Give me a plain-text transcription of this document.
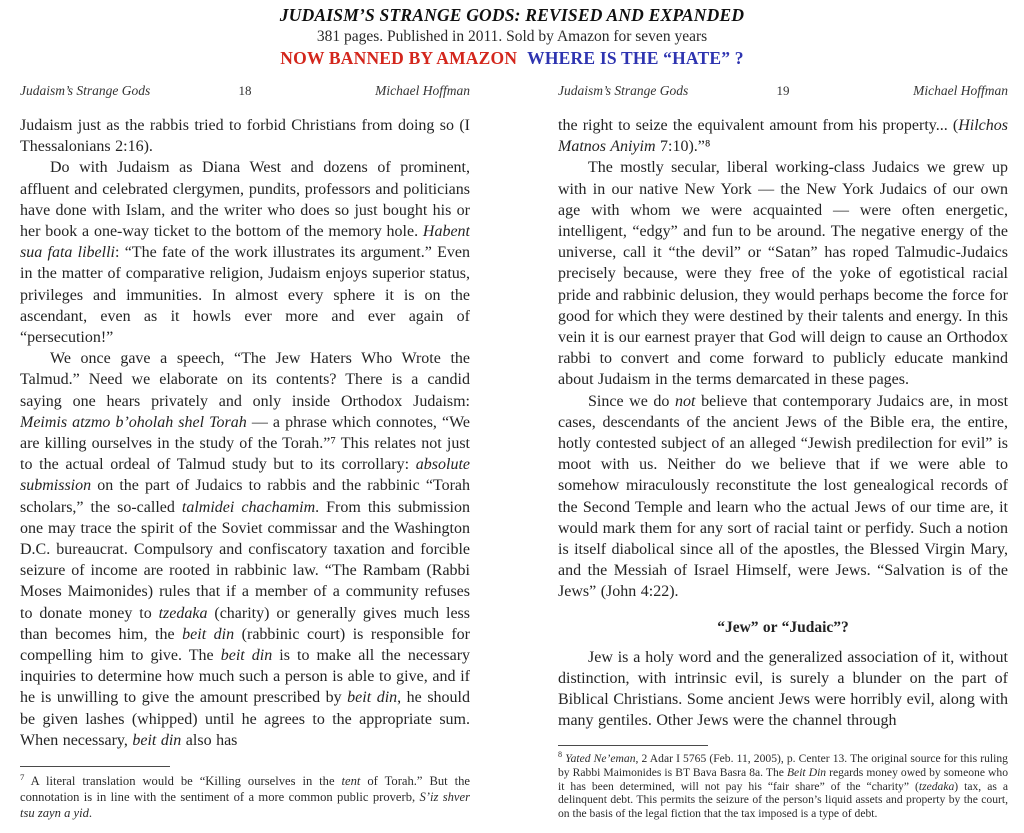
JUDAISM’S STRANGE GODS: REVISED AND EXPANDED
381 pages. Published in 2011. Sold by Amazon for seven years
NOW BANNED BY AMAZON WHERE IS THE “HATE” ?
Judaism’s Strange Gods	18	Michael Hoffman

Judaism just as the rabbis tried to forbid Christians from doing so (I Thessalonians 2:16).

Do with Judaism as Diana West and dozens of prominent, affluent and celebrated clergymen, pundits, professors and politicians have done with Islam, and the writer who does so just bought his or her book a one-way ticket to the bottom of the memory hole. Habent sua fata libelli: “The fate of the work illustrates its argument.” Even in the matter of comparative religion, Judaism enjoys superior status, privileges and immunities. In almost every sphere it is on the ascendant, even as it howls ever more and ever again of “persecution!”

We once gave a speech, “The Jew Haters Who Wrote the Talmud.” Need we elaborate on its contents? There is a candid saying one hears privately and only inside Orthodox Judaism: Meimis atzmo b’oholah shel Torah — a phrase which connotes, “We are killing ourselves in the study of the Torah.”⁷ This relates not just to the actual ordeal of Talmud study but to its corrollary: absolute submission on the part of Judaics to rabbis and the rabbinic “Torah scholars,” the so-called talmidei chachamim. From this submission one may trace the spirit of the Soviet commissar and the Washington D.C. bureaucrat. Compulsory and confiscatory taxation and forcible seizure of income are rooted in rabbinic law. “The Rambam (Rabbi Moses Maimonides) rules that if a member of a community refuses to donate money to tzedaka (charity) or generally gives much less than becomes him, the beit din (rabbinic court) is responsible for compelling him to give. The beit din is to make all the necessary inquiries to determine how much such a person is able to give, and if he is unwilling to give the amount prescribed by beit din, he should be given lashes (whipped) until he agrees to the appropriate sum. When necessary, beit din also has

$^7$ A literal translation would be “Killing ourselves in the tent of Torah.” But the connotation is in line with the sentiment of a more common public proverb, S’iz shver tsu zayn a yid.

Judaism’s Strange Gods	19	Michael Hoffman

the right to seize the equivalent amount from his property... (Hilchos Matnos Aniyim 7:10).”⁸

The mostly secular, liberal working-class Judaics we grew up with in our native New York — the New York Judaics of our own age with whom we were acquainted — were often energetic, intelligent, “edgy” and fun to be around. The negative energy of the universe, call it “the devil” or “Satan” has roped Talmudic-Judaics precisely because, were they free of the yoke of egotistical racial pride and rabbinic delusion, they would perhaps become the force for good for which they were destined by their talents and energy. In this vein it is our earnest prayer that God will deign to cause an Orthodox rabbi to convert and come forward to publicly educate mankind about Judaism in the terms demarcated in these pages.

Since we do not believe that contemporary Judaics are, in most cases, descendants of the ancient Jews of the Bible era, the entire, hotly contested subject of an alleged “Jewish predilection for evil” is moot with us. Neither do we believe that if we were able to somehow miraculously reconstitute the lost genealogical records of the Second Temple and learn who the actual Jews of our time are, it would mark them for any sort of racial taint or perfidy. Such a notion is itself diabolical since all of the apostles, the Blessed Virgin Mary, and the Messiah of Israel Himself, were Jews. “Salvation is of the Jews” (John 4:22).

“Jew” or “Judaic”?

Jew is a holy word and the generalized association of it, without distinction, with intrinsic evil, is surely a blunder on the part of Biblical Christians. Some ancient Jews were horribly evil, along with many gentiles. Other Jews were the channel through

$^8$ Yated Ne’eman, 2 Adar I 5765 (Feb. 11, 2005), p. Center 13. The original source for this ruling by Rabbi Maimonides is BT Bava Basra 8a. The Beit Din regards money owed by someone who it has been determined, will not pay his “fair share” of the “charity” (tzedaka) tax, as a delinquent debt. This permits the seizure of the person’s liquid assets and property by the court, on the basis of the legal fiction that the tax imposed is a type of debt.
